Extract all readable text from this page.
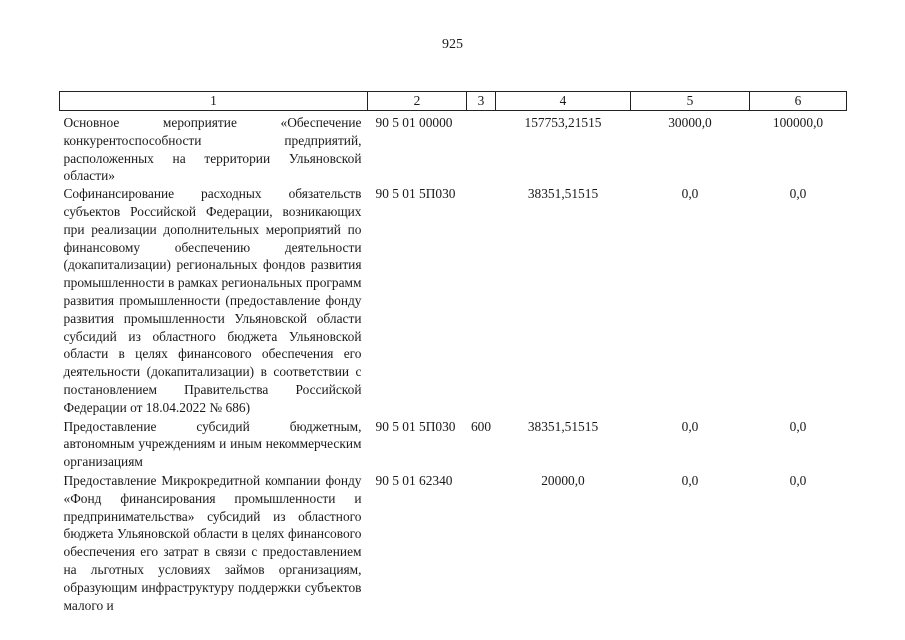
925
1	2	3	4	5	6
Основное мероприятие «Обеспечение конкурентоспособности предприятий, расположенных на территории Ульяновской области»	90 5 01 00000		157753,21515	30000,0	100000,0
Софинансирование расходных обязательств субъектов Российской Федерации, возникающих при реализации дополнительных мероприятий по финансовому обеспечению деятельности (докапитализации) региональных фондов развития промышленности в рамках региональных программ развития промышленности (предоставление фонду развития промышленности Ульяновской области субсидий из областного бюджета Ульяновской области в целях финансового обеспечения его деятельности (докапитализации) в соответствии с постановлением Правительства Российской Федерации от 18.04.2022 № 686)	90 5 01 5П030		38351,51515	0,0	0,0
Предоставление субсидий бюджетным, автономным учреждениям и иным некоммерческим организациям	90 5 01 5П030	600	38351,51515	0,0	0,0
Предоставление Микрокредитной компании фонду «Фонд финансирования промышленности и предпринимательства» субсидий из областного бюджета Ульяновской области в целях финансового обеспечения его затрат в связи с предоставлением на льготных условиях займов организациям, образующим инфраструктуру поддержки субъектов малого и	90 5 01 62340		20000,0	0,0	0,0
